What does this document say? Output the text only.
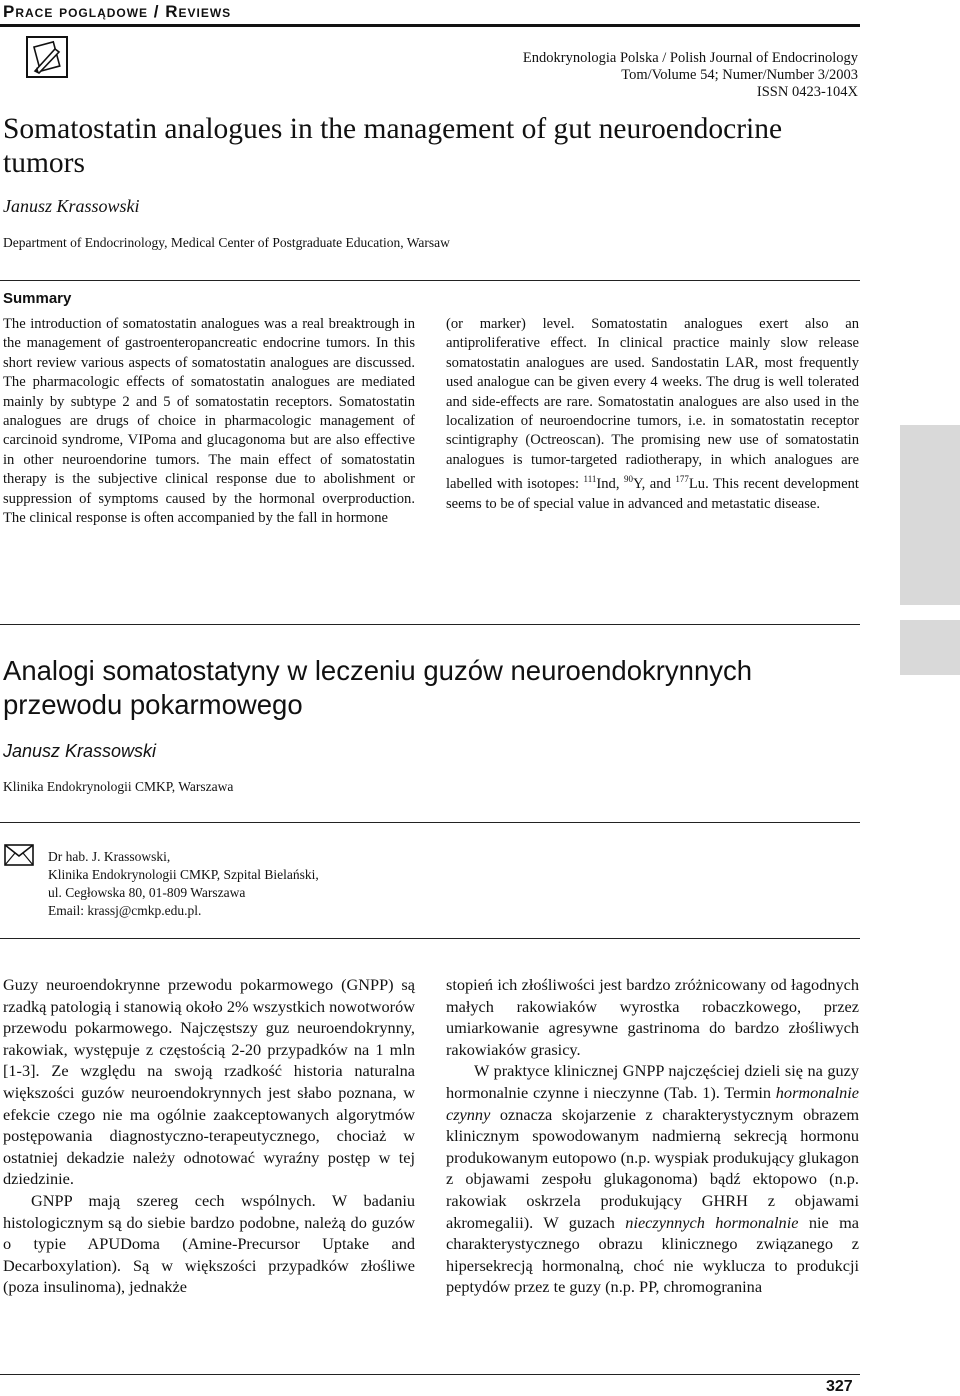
Prace poglądowe / Reviews
Endokrynologia Polska / Polish Journal of Endocrinology
Tom/Volume 54; Numer/Number 3/2003
ISSN 0423-104X
Somatostatin analogues in the management of gut neuroendocrine tumors
Janusz Krassowski
Department of Endocrinology, Medical Center of Postgraduate Education, Warsaw
Summary
The introduction of somatostatin analogues was a real breaktrough in the management of gastroenteropancreatic endocrine tumors. In this short review various aspects of somatostatin analogues are discussed. The pharmacologic effects of somatostatin analogues are mediated mainly by subtype 2 and 5 of somatostatin receptors. Somatostatin analogues are drugs of choice in pharmacologic management of carcinoid syndrome, VIPoma and glucagonoma but are also effective in other neuroendorine tumors. The main effect of somatostatin therapy is the subjective clinical response due to abolishment or suppression of symptoms caused by the hormonal overproduction. The clinical response is often accompanied by the fall in hormone
(or marker) level. Somatostatin analogues exert also an antiproliferative effect. In clinical practice mainly slow release somatostatin analogues are used. Sandostatin LAR, most frequently used analogue can be given every 4 weeks. The drug is well tolerated and side-effects are rare. Somatostatin analogues are also used in the localization of neuroendocrine tumors, i.e. in somatostatin receptor scintigraphy (Octreoscan). The promising new use of somatostatin analogues is tumor-targeted radiotherapy, in which analogues are labelled with isotopes: $^{111}$Ind, $^{90}$Y, and $^{177}$Lu. This recent development seems to be of special value in advanced and metastatic disease.
Analogi somatostatyny w leczeniu guzów neuroendokrynnych przewodu pokarmowego
Janusz Krassowski
Klinika Endokrynologii CMKP, Warszawa
Dr hab. J. Krassowski,
Klinika Endokrynologii CMKP, Szpital Bielański,
ul. Cegłowska 80, 01-809 Warszawa
Email: krassj@cmkp.edu.pl.

Guzy neuroendokrynne przewodu pokarmowego (GNPP) są rzadką patologią i stanowią około 2% wszystkich nowotworów przewodu pokarmowego. Najczęstszy guz neuroendokrynny, rakowiak, występuje z częstością 2-20 przypadków na 1 mln [1-3]. Ze względu na swoją rzadkość historia naturalna większości guzów neuroendokrynnych jest słabo poznana, w efekcie czego nie ma ogólnie zaakceptowanych algorytmów postępowania diagnostyczno-terapeutycznego, chociaż w ostatniej dekadzie należy odnotować wyraźny postęp w tej dziedzinie.

GNPP mają szereg cech wspólnych. W badaniu histologicznym są do siebie bardzo podobne, należą do guzów o typie APUDoma (Amine-Precursor Uptake and Decarboxylation). Są w większości przypadków złośliwe (poza insulinoma), jednakże

stopień ich złośliwości jest bardzo zróżnicowany od łagodnych małych rakowiaków wyrostka robaczkowego, przez umiarkowanie agresywne gastrinoma do bardzo złośliwych rakowiaków grasicy.

W praktyce klinicznej GNPP najczęściej dzieli się na guzy hormonalnie czynne i nieczynne (Tab. 1). Termin hormonalnie czynny oznacza skojarzenie z charakterystycznym obrazem klinicznym spowodowanym nadmierną sekrecją hormonu produkowanym eutopowo (n.p. wyspiak produkujący glukagon z objawami zespołu glukagonoma) bądź ektopowo (n.p. rakowiak oskrzela produkujący GHRH z objawami akromegalii). W guzach nieczynnych hormonalnie nie ma charakterystycznego obrazu klinicznego związanego z hipersekrecją hormonalną, choć nie wyklucza to produkcji peptydów przez te guzy (n.p. PP, chromogranina

327
